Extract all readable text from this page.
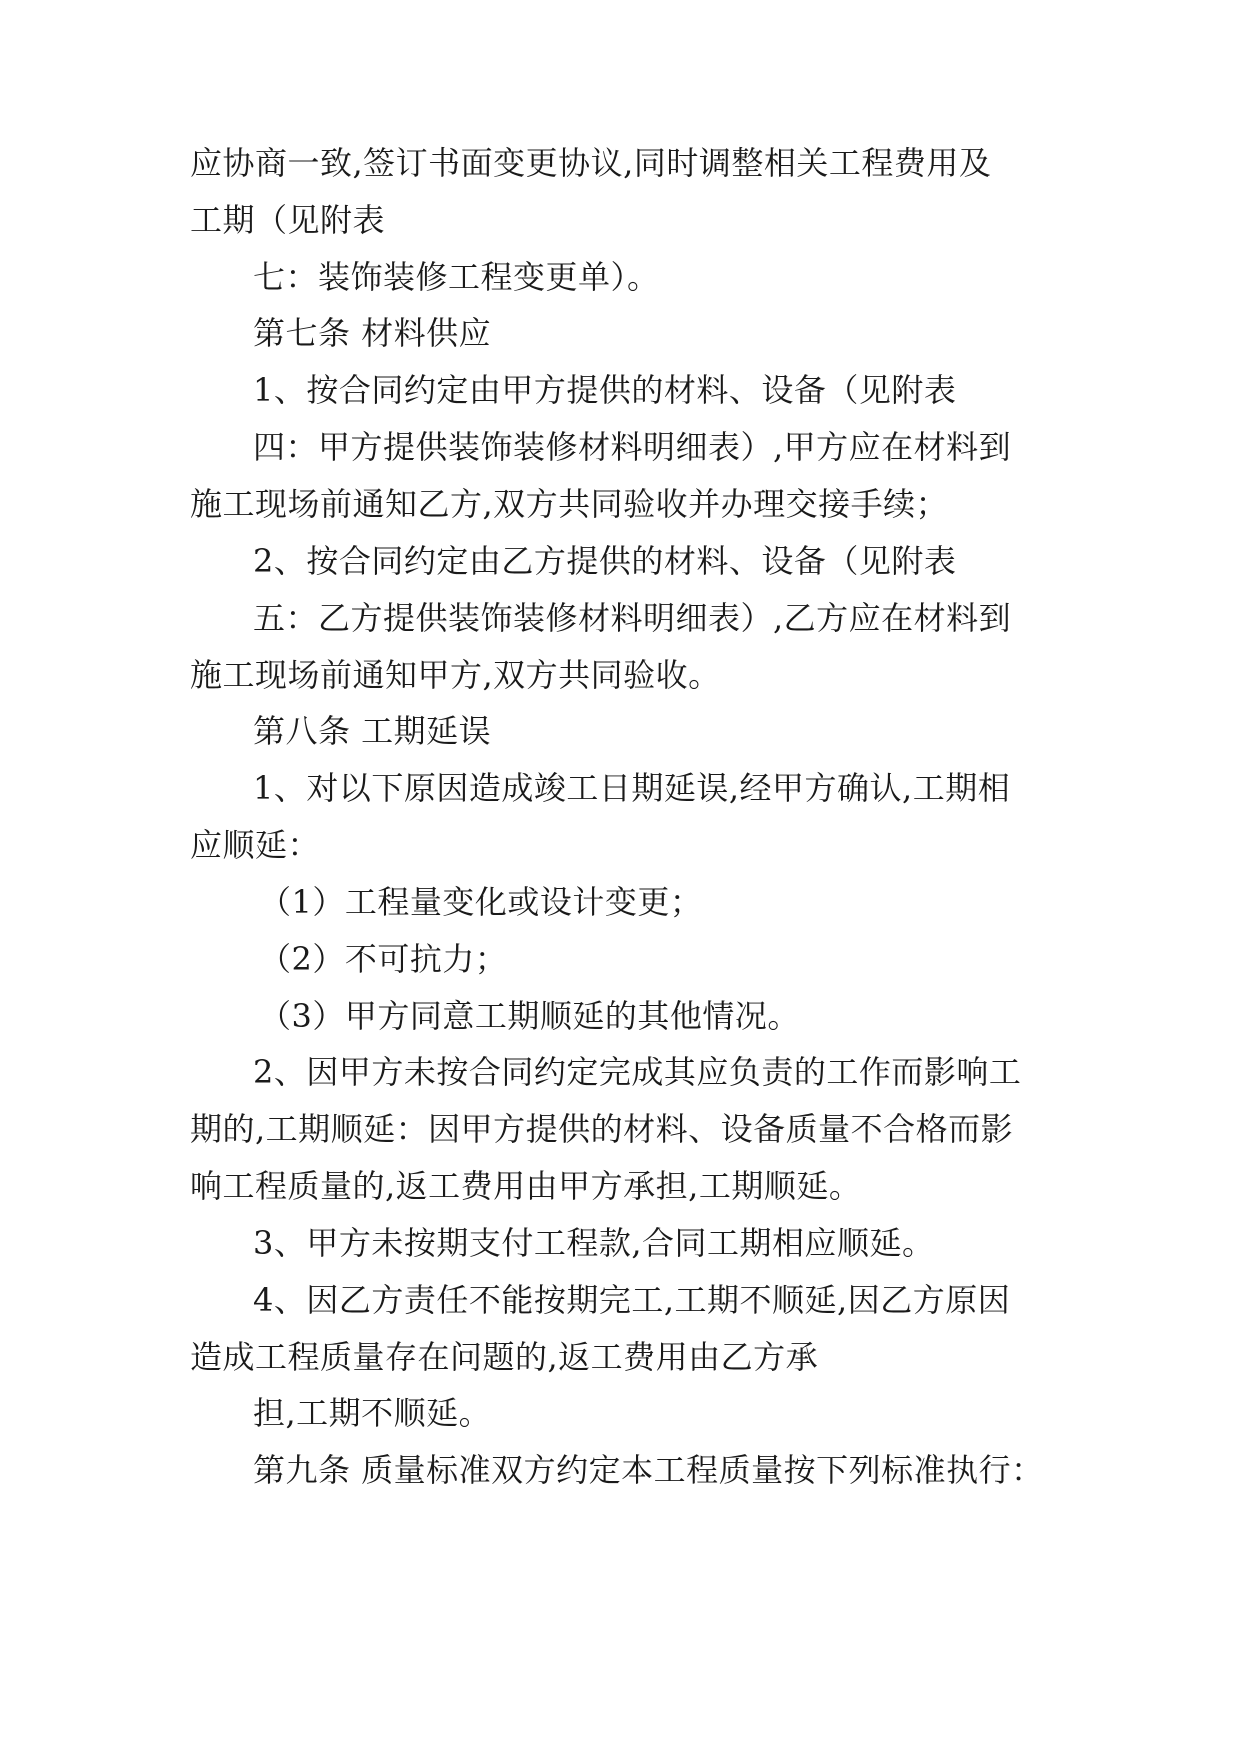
应协商一致,签订书面变更协议,同时调整相关工程费用及
工期（见附表
七：装饰装修工程变更单）。
第七条 材料供应
1、按合同约定由甲方提供的材料、设备（见附表
四：甲方提供装饰装修材料明细表）,甲方应在材料到
施工现场前通知乙方,双方共同验收并办理交接手续；
2、按合同约定由乙方提供的材料、设备（见附表
五：乙方提供装饰装修材料明细表）,乙方应在材料到
施工现场前通知甲方,双方共同验收。
第八条 工期延误
1、对以下原因造成竣工日期延误,经甲方确认,工期相
应顺延：
（1）工程量变化或设计变更；
（2）不可抗力；
（3）甲方同意工期顺延的其他情况。
2、因甲方未按合同约定完成其应负责的工作而影响工
期的,工期顺延：因甲方提供的材料、设备质量不合格而影
响工程质量的,返工费用由甲方承担,工期顺延。
3、甲方未按期支付工程款,合同工期相应顺延。
4、因乙方责任不能按期完工,工期不顺延,因乙方原因
造成工程质量存在问题的,返工费用由乙方承
担,工期不顺延。
第九条 质量标准双方约定本工程质量按下列标准执行：
